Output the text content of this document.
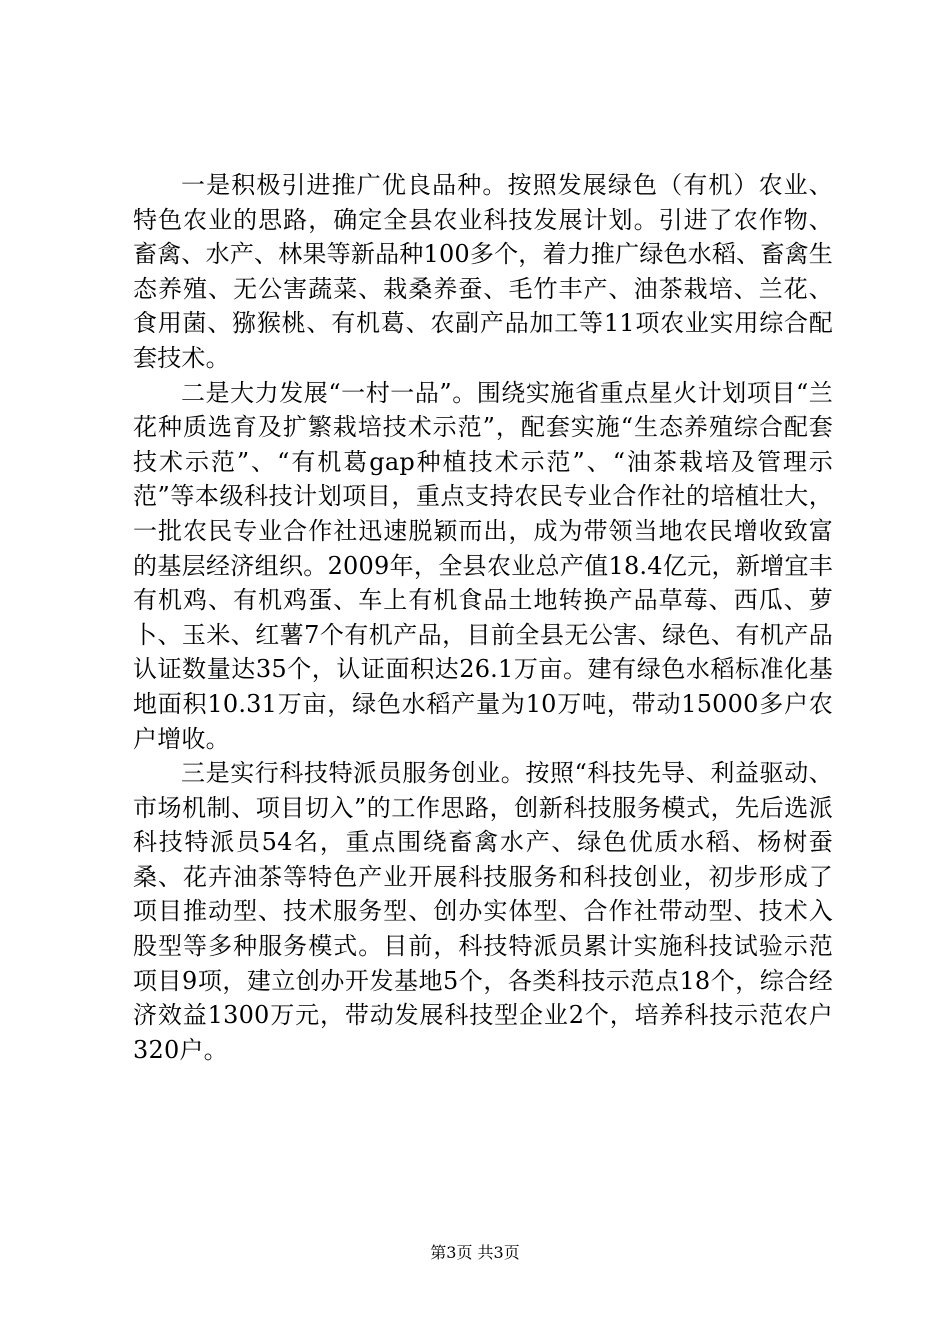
一是积极引进推广优良品种。按照发展绿色（有机）农业、特色农业的思路，确定全县农业科技发展计划。引进了农作物、畜禽、水产、林果等新品种100多个，着力推广绿色水稻、畜禽生态养殖、无公害蔬菜、栽桑养蚕、毛竹丰产、油茶栽培、兰花、食用菌、猕猴桃、有机葛、农副产品加工等11项农业实用综合配套技术。

二是大力发展“一村一品”。围绕实施省重点星火计划项目“兰花种质选育及扩繁栽培技术示范”，配套实施“生态养殖综合配套技术示范”、“有机葛gap种植技术示范”、“油茶栽培及管理示范”等本级科技计划项目，重点支持农民专业合作社的培植壮大，一批农民专业合作社迅速脱颖而出，成为带领当地农民增收致富的基层经济组织。2009年，全县农业总产值18.4亿元，新增宜丰有机鸡、有机鸡蛋、车上有机食品土地转换产品草莓、西瓜、萝卜、玉米、红薯7个有机产品，目前全县无公害、绿色、有机产品认证数量达35个，认证面积达26.1万亩。建有绿色水稻标准化基地面积10.31万亩，绿色水稻产量为10万吨，带动15000多户农户增收。

三是实行科技特派员服务创业。按照“科技先导、利益驱动、市场机制、项目切入”的工作思路，创新科技服务模式，先后选派科技特派员54名，重点围绕畜禽水产、绿色优质水稻、杨树蚕桑、花卉油茶等特色产业开展科技服务和科技创业，初步形成了项目推动型、技术服务型、创办实体型、合作社带动型、技术入股型等多种服务模式。目前，科技特派员累计实施科技试验示范项目9项，建立创办开发基地5个，各类科技示范点18个，综合经济效益1300万元，带动发展科技型企业2个，培养科技示范农户320户。

第3页 共3页
